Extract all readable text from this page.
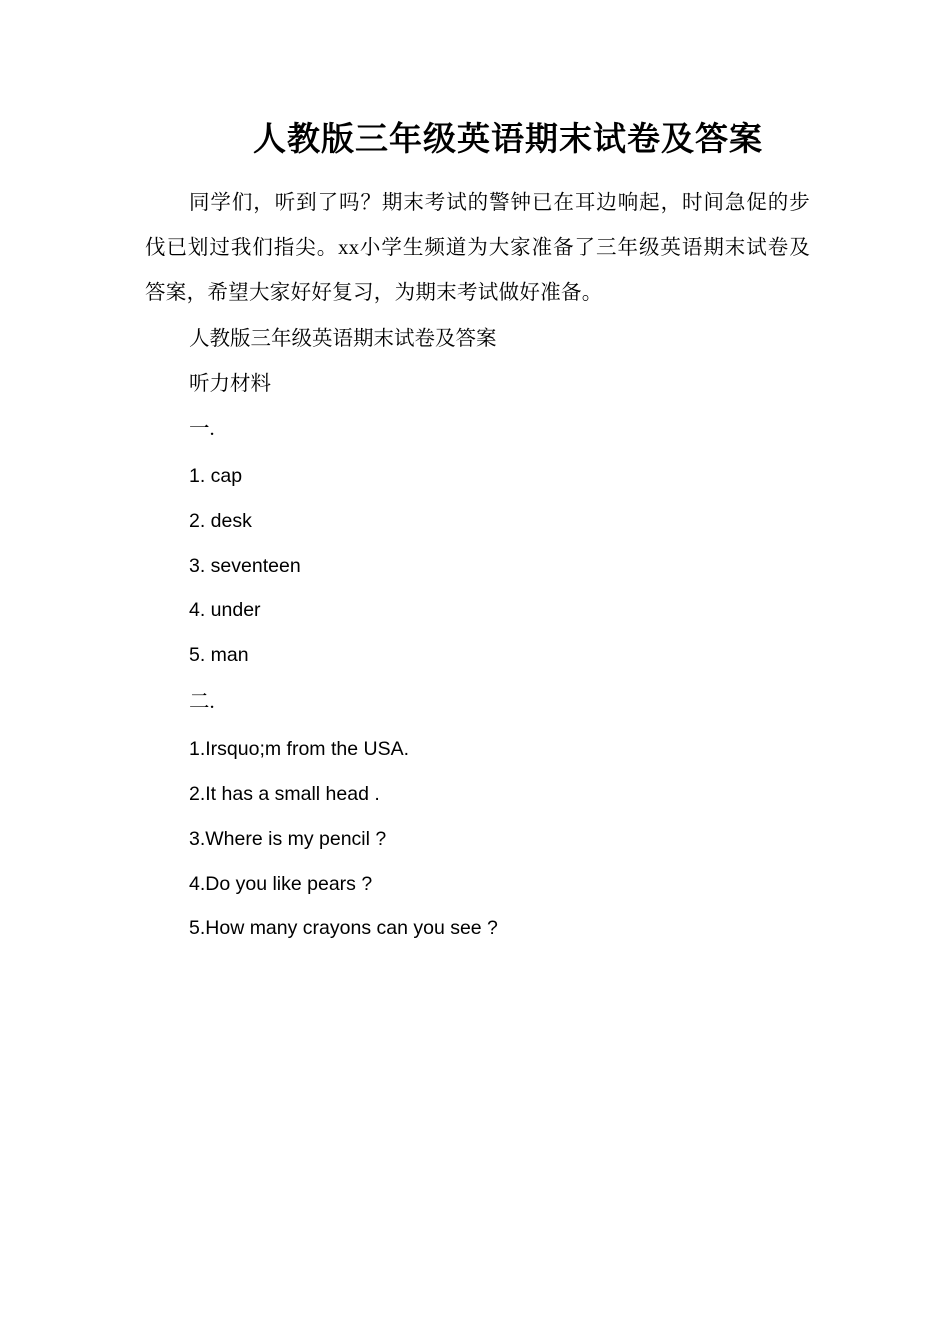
人教版三年级英语期末试卷及答案
同学们，听到了吗？期末考试的警钟已在耳边响起，时间急促的步伐已划过我们指尖。xx小学生频道为大家准备了三年级英语期末试卷及答案，希望大家好好复习，为期末考试做好准备。
人教版三年级英语期末试卷及答案
听力材料
一.
1. cap
2. desk
3. seventeen
4. under
5. man
二.
1.Irsquo;m from the USA.
2.It has a small head .
3.Where is my pencil ?
4.Do you like pears ?
5.How many crayons can you see ?
